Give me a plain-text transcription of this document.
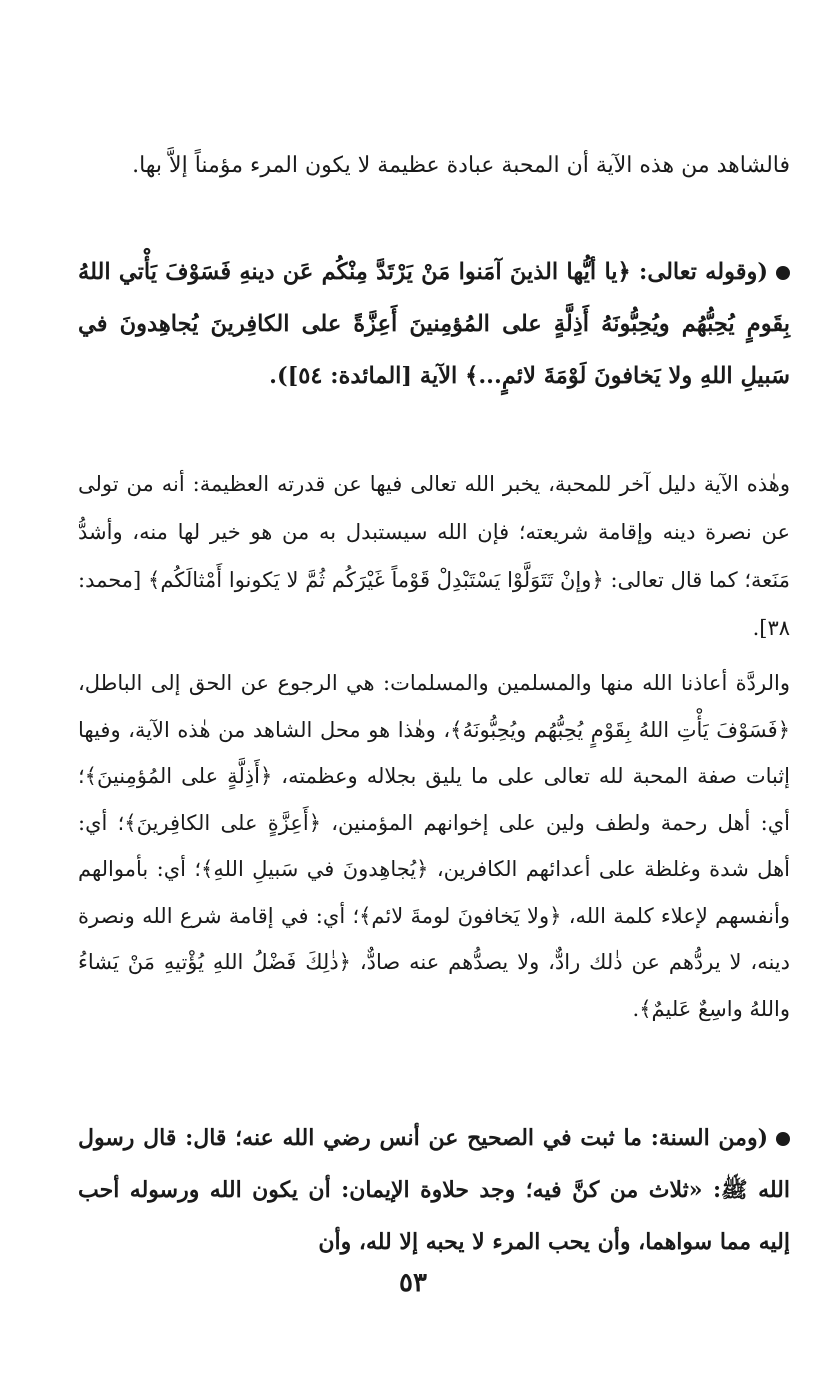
فالشاهد من هذه الآية أن المحبة عبادة عظيمة لا يكون المرء مؤمناً إلاَّ بها.

(وقوله تعالى: ﴿يا أيُّها الذينَ آمَنوا مَنْ يَرْتَدَّ مِنْكُم عَن دينهِ فَسَوْفَ يَأْتي اللهُ بِقَومٍ يُحِبُّهُم ويُحِبُّونَهُ أَذِلَّةٍ على المُؤمِنينَ أَعِزَّةً على الكافِرينَ يُجاهِدونَ في سَبيلِ اللهِ ولا يَخافونَ لَوْمَةَ لائمٍ...﴾ الآية [المائدة: ٥٤]).

وهٰذه الآية دليل آخر للمحبة، يخبر الله تعالى فيها عن قدرته العظيمة: أنه من تولى عن نصرة دينه وإقامة شريعته؛ فإن الله سيستبدل به من هو خير لها منه، وأشدُّ مَنَعة؛ كما قال تعالى: ﴿وإنْ تَتَوَلَّوْا يَسْتَبْدِلْ قَوْماً غَيْرَكُم ثُمَّ لا يَكونوا أَمْثالَكُم﴾ [محمد: ٣٨].

والردَّة أعاذنا الله منها والمسلمين والمسلمات: هي الرجوع عن الحق إلى الباطل، ﴿فَسَوْفَ يَأْتِ اللهُ بِقَوْمٍ يُحِبُّهُم ويُحِبُّونَهُ﴾، وهٰذا هو محل الشاهد من هٰذه الآية، وفيها إثبات صفة المحبة لله تعالى على ما يليق بجلاله وعظمته، ﴿أَذِلَّةٍ على المُؤمِنينَ﴾؛ أي: أهل رحمة ولطف ولين على إخوانهم المؤمنين، ﴿أَعِزَّةٍ على الكافِرينَ﴾؛ أي: أهل شدة وغلظة على أعدائهم الكافرين، ﴿يُجاهِدونَ في سَبيلِ اللهِ﴾؛ أي: بأموالهم وأنفسهم لإعلاء كلمة الله، ﴿ولا يَخافونَ لومةَ لائم﴾؛ أي: في إقامة شرع الله ونصرة دينه، لا يردُّهم عن ذٰلك رادٌّ، ولا يصدُّهم عنه صادٌّ، ﴿ذٰلِكَ فَضْلُ اللهِ يُؤْتيهِ مَنْ يَشاءُ واللهُ واسِعٌ عَليمٌ﴾.

(ومن السنة: ما ثبت في الصحيح عن أنس رضي الله عنه؛ قال: قال رسول الله ﷺ: «ثلاث من كنَّ فيه؛ وجد حلاوة الإيمان: أن يكون الله ورسوله أحب إليه مما سواهما، وأن يحب المرء لا يحبه إلا لله، وأن

٥٣
